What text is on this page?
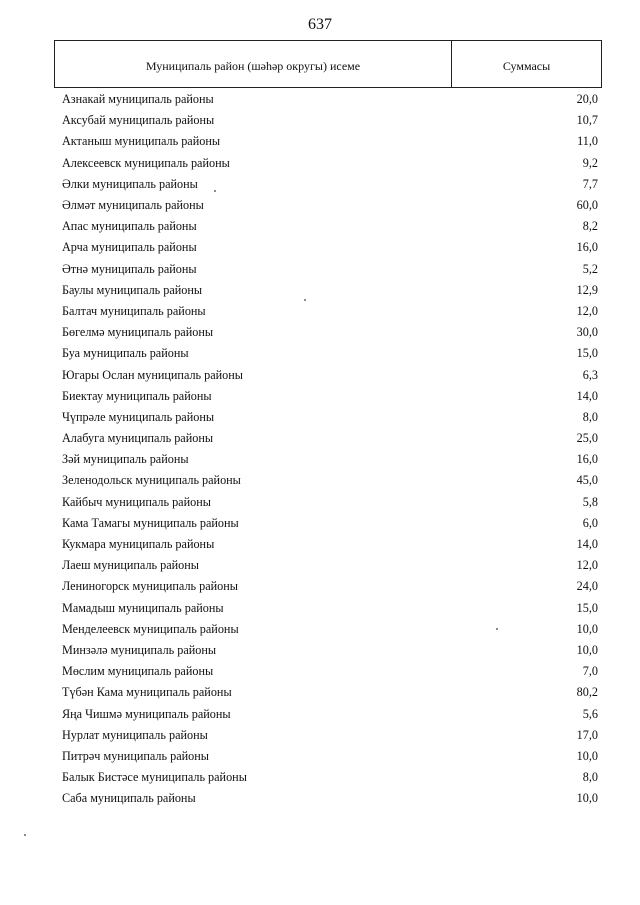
637
Муниципаль район (шәһәр округы) исеме	Суммасы
Азнакай муниципаль районы	20,0
Аксубай муниципаль районы	10,7
Актаныш муниципаль районы	11,0
Алексеевск муниципаль районы	9,2
Әлки муниципаль районы	7,7
Әлмәт муниципаль районы	60,0
Апас муниципаль районы	8,2
Арча муниципаль районы	16,0
Әтнә муниципаль районы	5,2
Баулы муниципаль районы	12,9
Балтач муниципаль районы	12,0
Бөгелмә муниципаль районы	30,0
Буа муниципаль районы	15,0
Югары Ослан муниципаль районы	6,3
Биектау муниципаль районы	14,0
Чүпрәле муниципаль районы	8,0
Алабуга муниципаль районы	25,0
Зәй муниципаль районы	16,0
Зеленодольск муниципаль районы	45,0
Кайбыч муниципаль районы	5,8
Кама Тамагы муниципаль районы	6,0
Кукмара муниципаль районы	14,0
Лаеш муниципаль районы	12,0
Лениногорск муниципаль районы	24,0
Мамадыш муниципаль районы	15,0
Менделеевск муниципаль районы	10,0
Минзәлә муниципаль районы	10,0
Мөслим муниципаль районы	7,0
Түбән Кама муниципаль районы	80,2
Яңа Чишмә муниципаль районы	5,6
Нурлат муниципаль районы	17,0
Питрәч муниципаль районы	10,0
Балык Бистәсе муниципаль районы	8,0
Саба муниципаль районы	10,0
